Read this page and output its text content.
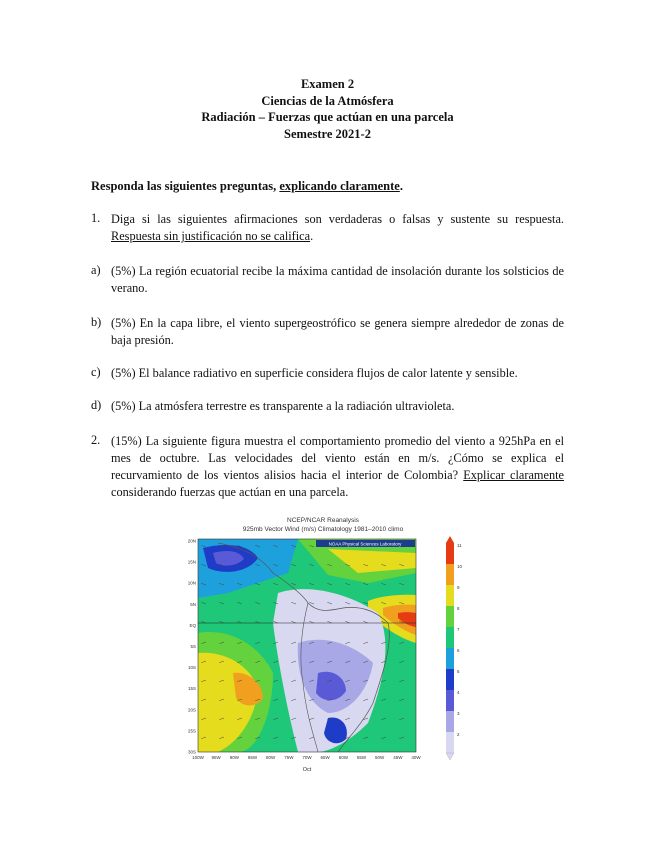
Examen 2
Ciencias de la Atmósfera
Radiación – Fuerzas que actúan en una parcela
Semestre 2021-2
Responda las siguientes preguntas, explicando claramente.
1. Diga si las siguientes afirmaciones son verdaderas o falsas y sustente su respuesta. Respuesta sin justificación no se califica.
a) (5%) La región ecuatorial recibe la máxima cantidad de insolación durante los solsticios de verano.
b) (5%) En la capa libre, el viento supergeostrófico se genera siempre alrededor de zonas de baja presión.
c) (5%) El balance radiativo en superficie considera flujos de calor latente y sensible.
d) (5%) La atmósfera terrestre es transparente a la radiación ultravioleta.
2. (15%) La siguiente figura muestra el comportamiento promedio del viento a 925hPa en el mes de octubre. Las velocidades del viento están en m/s. ¿Cómo se explica el recurvamiento de los vientos alisios hacia el interior de Colombia? Explicar claramente considerando fuerzas que actúan en una parcela.
NCEP/NCAR Reanalysis
925mb Vector Wind (m/s) Climatology 1981–2010 climo
NOAA Physical Sciences Laboratory
20N
15N
10N
5N
EQ
5S
10S
15S
20S
25S
30S
100W 95W 90W 85W 80W 75W 70W 65W 60W 55W 50W 45W 40W
Oct
11
10
9
8
7
6
5
4
3
2
